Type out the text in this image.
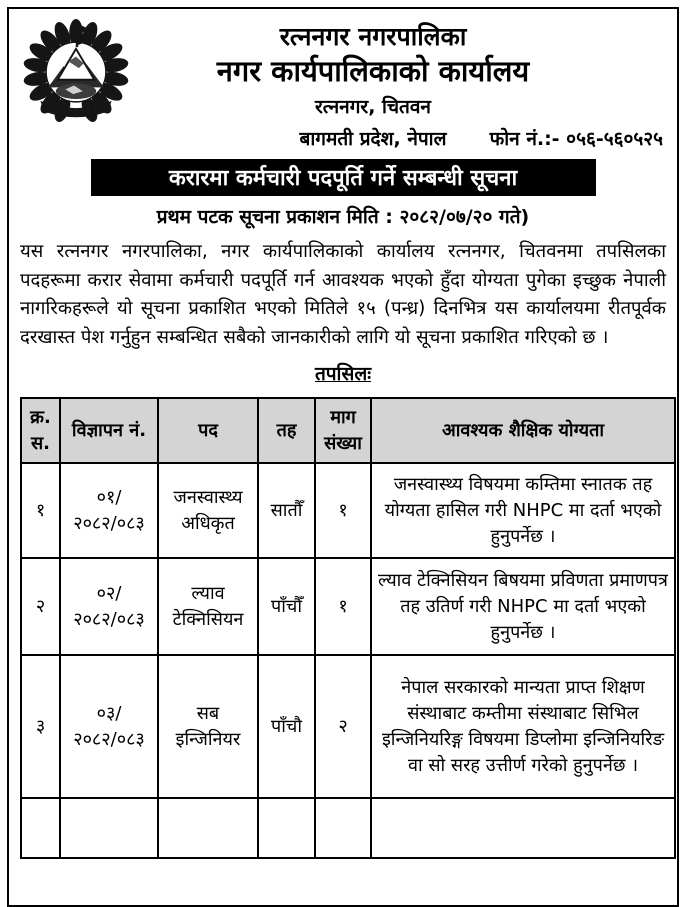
रत्ननगर नगरपालिका
नगर कार्यपालिकाको कार्यालय
रत्ननगर, चितवन
बागमती प्रदेश, नेपाल	फोन नं.:- ०५६-५६०५२५
करारमा कर्मचारी पदपूर्ति गर्ने सम्बन्धी सूचना
प्रथम पटक सूचना प्रकाशन मिति : २०८२/०७/२० गते)
यस रत्ननगर नगरपालिका, नगर कार्यपालिकाको कार्यालय रत्ननगर, चितवनमा तपसिलका पदहरूमा करार सेवामा कर्मचारी पदपूर्ति गर्न आवश्यक भएको हुँदा योग्यता पुगेका इच्छुक नेपाली नागरिकहरूले यो सूचना प्रकाशित भएको मितिले १५ (पन्ध्र) दिनभित्र यस कार्यालयमा रीतपूर्वक दरखास्त पेश गर्नुहुन सम्बन्धित सबैको जानकारीको लागि यो सूचना प्रकाशित गरिएको छ ।
तपसिलः
क्र. स.	विज्ञापन नं.	पद	तह	माग संख्या	आवश्यक शैक्षिक योग्यता
१	०१/ २०८२/०८३	जनस्वास्थ्य अधिकृत	सातौँ	१	जनस्वास्थ्य विषयमा कम्तिमा स्नातक तह योग्यता हासिल गरी NHPC मा दर्ता भएको हुनुपर्नेछ ।
२	०२/ २०८२/०८३	ल्याव टेक्निसियन	पाँचौँ	१	ल्याव टेक्निसियन बिषयमा प्रविणता प्रमाणपत्र तह उतिर्ण गरी NHPC मा दर्ता भएको हुनुपर्नेछ ।
३	०३/ २०८२/०८३	सब इन्जिनियर	पाँचौ	२	नेपाल सरकारको मान्यता प्राप्त शिक्षण संस्थाबाट कम्तीमा संस्थाबाट सिभिल इन्जिनियरिङ्ग विषयमा डिप्लोमा इन्जिनियरिङ वा सो सरह उत्तीर्ण गरेको हुनुपर्नेछ ।
